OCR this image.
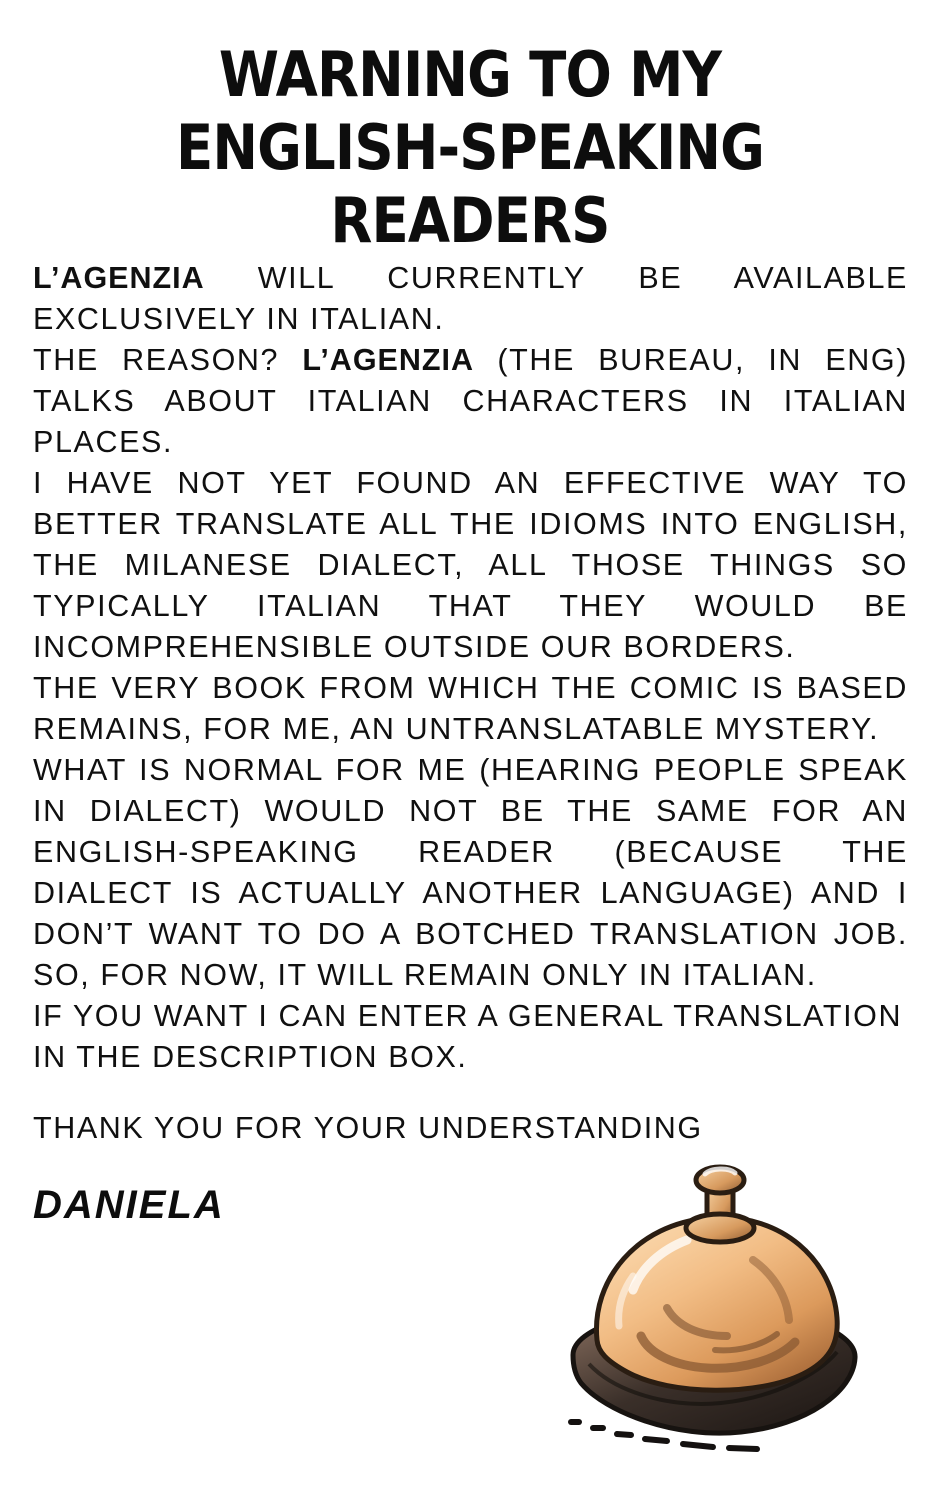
WARNING TO MY ENGLISH-SPEAKING READERS

L’AGENZIA WILL CURRENTLY BE AVAILABLE EXCLUSIVELY IN ITALIAN.

THE REASON? L’AGENZIA (THE BUREAU, IN ENG) TALKS ABOUT ITALIAN CHARACTERS IN ITALIAN PLACES.

I HAVE NOT YET FOUND AN EFFECTIVE WAY TO BETTER TRANSLATE ALL THE IDIOMS INTO ENGLISH, THE MILANESE DIALECT, ALL THOSE THINGS SO TYPICALLY ITALIAN THAT THEY WOULD BE INCOMPREHENSIBLE OUTSIDE OUR BORDERS.

THE VERY BOOK FROM WHICH THE COMIC IS BASED REMAINS, FOR ME, AN UNTRANSLATABLE MYSTERY.

WHAT IS NORMAL FOR ME (HEARING PEOPLE SPEAK IN DIALECT) WOULD NOT BE THE SAME FOR AN ENGLISH-SPEAKING READER (BECAUSE THE DIALECT IS ACTUALLY ANOTHER LANGUAGE) AND I DON’T WANT TO DO A BOTCHED TRANSLATION JOB. SO, FOR NOW, IT WILL REMAIN ONLY IN ITALIAN.

IF YOU WANT I CAN ENTER A GENERAL TRANSLATION IN THE DESCRIPTION BOX.

THANK YOU FOR YOUR UNDERSTANDING

DANIELA
